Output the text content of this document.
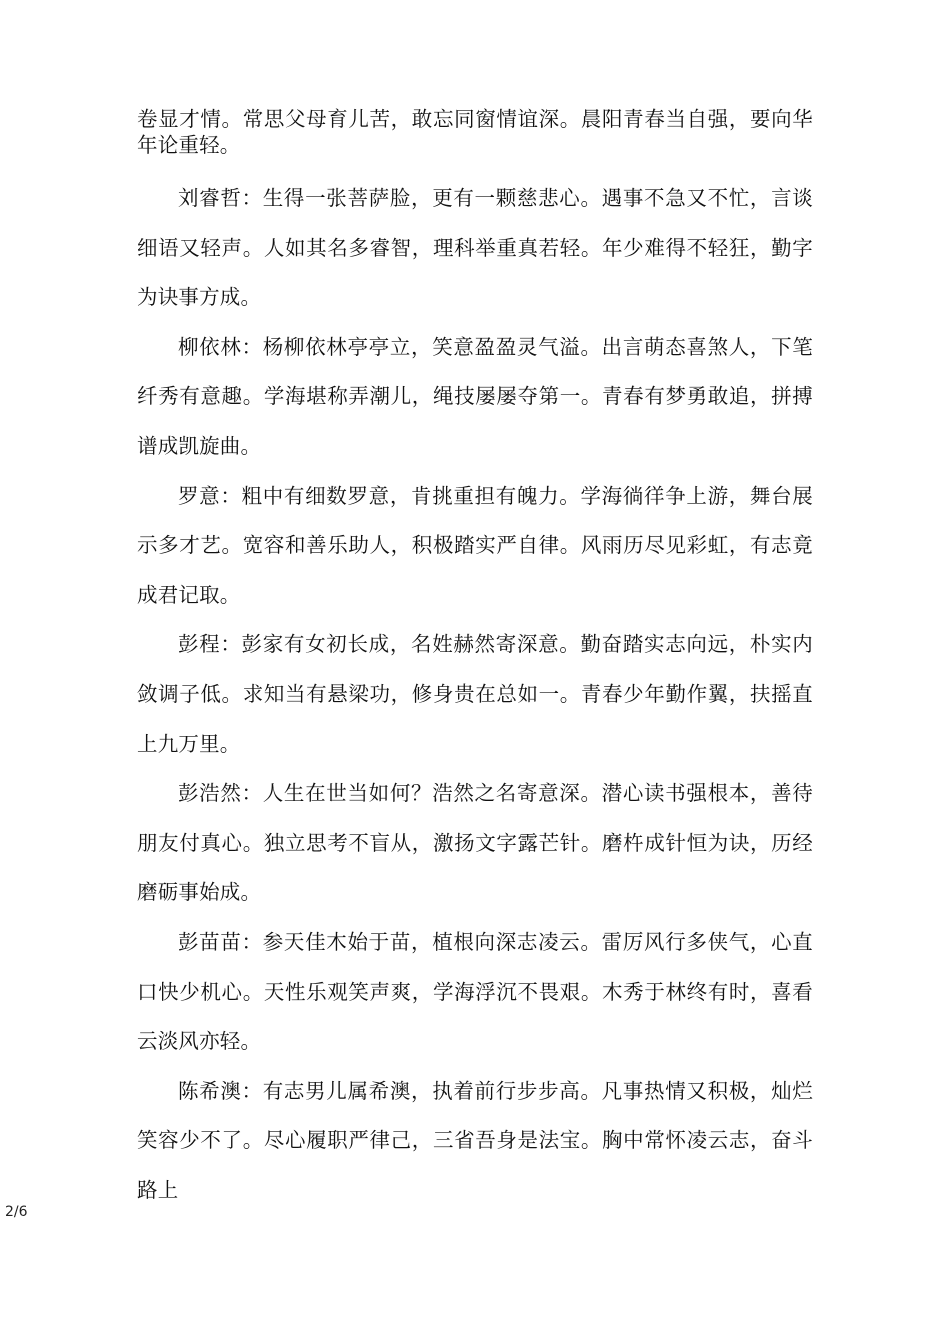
卷显才情。常思父母育儿苦，敢忘同窗情谊深。晨阳青春当自强，要向华年论重轻。

刘睿哲：生得一张菩萨脸，更有一颗慈悲心。遇事不急又不忙，言谈细语又轻声。人如其名多睿智，理科举重真若轻。年少难得不轻狂，勤字为诀事方成。

柳依林：杨柳依林亭亭立，笑意盈盈灵气溢。出言萌态喜煞人，下笔纤秀有意趣。学海堪称弄潮儿，绳技屡屡夺第一。青春有梦勇敢追，拼搏谱成凯旋曲。

罗意：粗中有细数罗意，肯挑重担有魄力。学海徜徉争上游，舞台展示多才艺。宽容和善乐助人，积极踏实严自律。风雨历尽见彩虹，有志竟成君记取。

彭程：彭家有女初长成，名姓赫然寄深意。勤奋踏实志向远，朴实内敛调子低。求知当有悬梁功，修身贵在总如一。青春少年勤作翼，扶摇直上九万里。

彭浩然：人生在世当如何？浩然之名寄意深。潜心读书强根本，善待朋友付真心。独立思考不盲从，激扬文字露芒针。磨杵成针恒为诀，历经磨砺事始成。

彭苗苗：参天佳木始于苗，植根向深志凌云。雷厉风行多侠气，心直口快少机心。天性乐观笑声爽，学海浮沉不畏艰。木秀于林终有时，喜看云淡风亦轻。

陈希澳：有志男儿属希澳，执着前行步步高。凡事热情又积极，灿烂笑容少不了。尽心履职严律己，三省吾身是法宝。胸中常怀凌云志，奋斗路上

2/6
